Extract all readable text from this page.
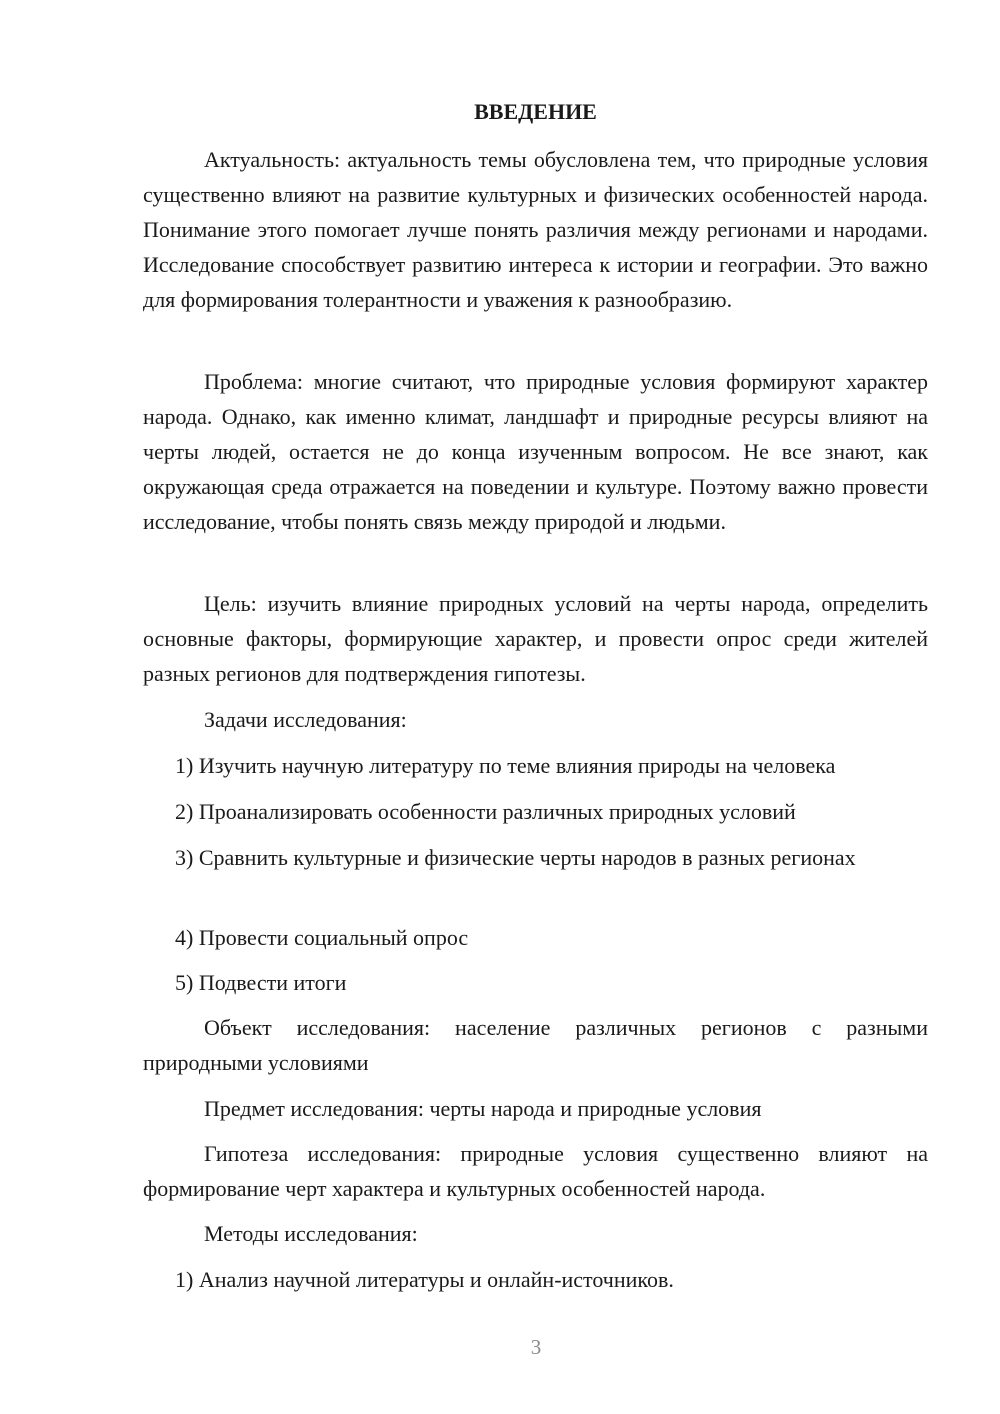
ВВЕДЕНИЕ
Актуальность: актуальность темы обусловлена тем, что природные условия существенно влияют на развитие культурных и физических особенностей народа. Понимание этого помогает лучше понять различия между регионами и народами. Исследование способствует развитию интереса к истории и географии. Это важно для формирования толерантности и уважения к разнообразию.
Проблема: многие считают, что природные условия формируют характер народа. Однако, как именно климат, ландшафт и природные ресурсы влияют на черты людей, остается не до конца изученным вопросом. Не все знают, как окружающая среда отражается на поведении и культуре. Поэтому важно провести исследование, чтобы понять связь между природой и людьми.
Цель: изучить влияние природных условий на черты народа, определить основные факторы, формирующие характер, и провести опрос среди жителей разных регионов для подтверждения гипотезы.
Задачи исследования:
1) Изучить научную литературу по теме влияния природы на человека
2) Проанализировать особенности различных природных условий
3) Сравнить культурные и физические черты народов в разных регионах
4) Провести социальный опрос
5) Подвести итоги
Объект исследования: население различных регионов с разными природными условиями
Предмет исследования: черты народа и природные условия
Гипотеза исследования: природные условия существенно влияют на формирование черт характера и культурных особенностей народа.
Методы исследования:
1) Анализ научной литературы и онлайн-источников.
3
